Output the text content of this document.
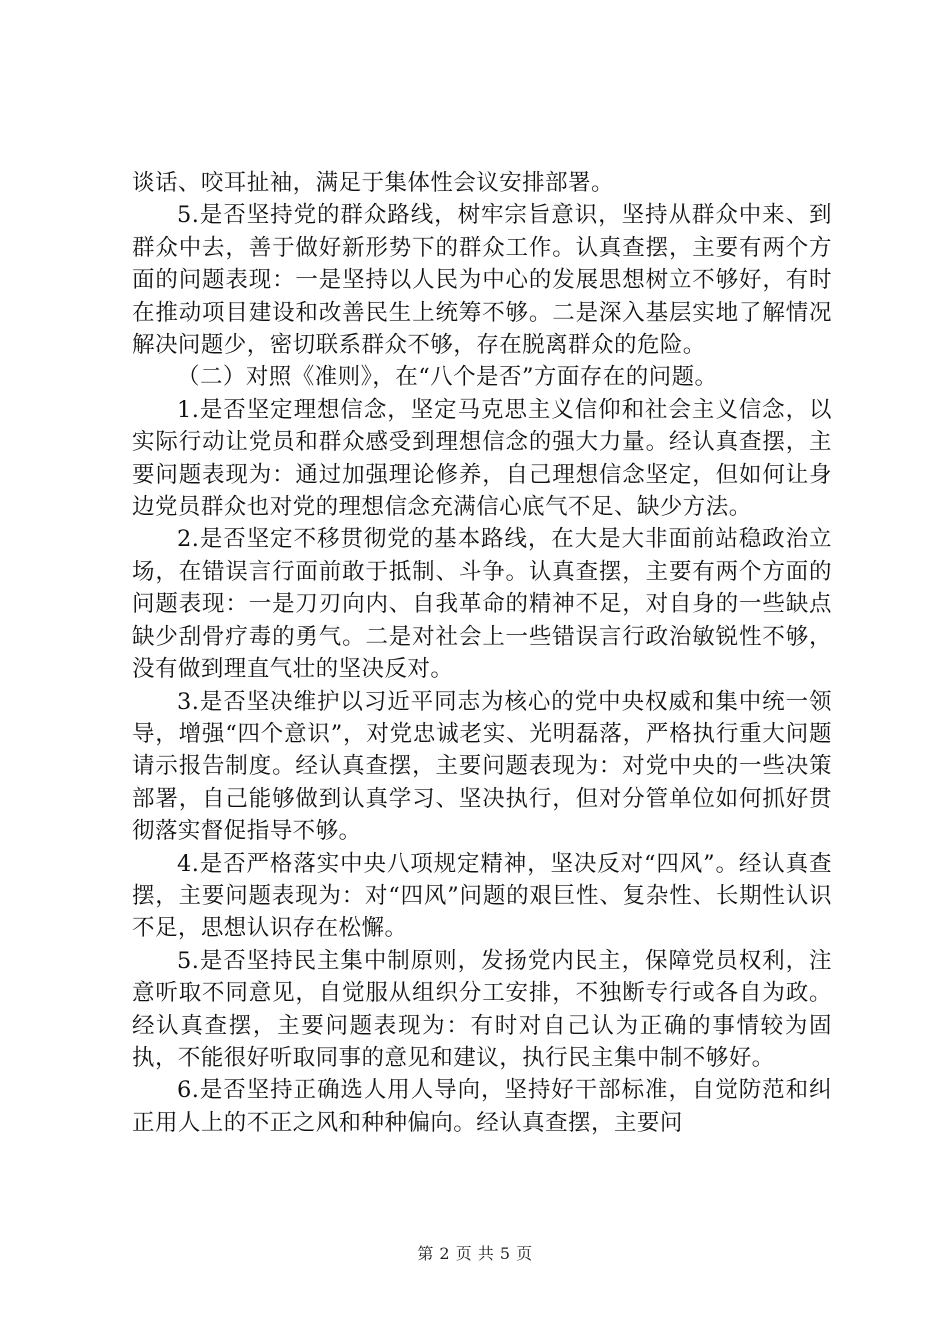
谈话、咬耳扯袖，满足于集体性会议安排部署。

5.是否坚持党的群众路线，树牢宗旨意识，坚持从群众中来、到群众中去，善于做好新形势下的群众工作。认真查摆，主要有两个方面的问题表现：一是坚持以人民为中心的发展思想树立不够好，有时在推动项目建设和改善民生上统筹不够。二是深入基层实地了解情况解决问题少，密切联系群众不够，存在脱离群众的危险。

（二）对照《准则》，在“八个是否”方面存在的问题。

1.是否坚定理想信念，坚定马克思主义信仰和社会主义信念，以实际行动让党员和群众感受到理想信念的强大力量。经认真查摆，主要问题表现为：通过加强理论修养，自己理想信念坚定，但如何让身边党员群众也对党的理想信念充满信心底气不足、缺少方法。

2.是否坚定不移贯彻党的基本路线，在大是大非面前站稳政治立场，在错误言行面前敢于抵制、斗争。认真查摆，主要有两个方面的问题表现：一是刀刃向内、自我革命的精神不足，对自身的一些缺点缺少刮骨疗毒的勇气。二是对社会上一些错误言行政治敏锐性不够，没有做到理直气壮的坚决反对。

3.是否坚决维护以习近平同志为核心的党中央权威和集中统一领导，增强“四个意识”，对党忠诚老实、光明磊落，严格执行重大问题请示报告制度。经认真查摆，主要问题表现为：对党中央的一些决策部署，自己能够做到认真学习、坚决执行，但对分管单位如何抓好贯彻落实督促指导不够。

4.是否严格落实中央八项规定精神，坚决反对“四风”。经认真查摆，主要问题表现为：对“四风”问题的艰巨性、复杂性、长期性认识不足，思想认识存在松懈。

5.是否坚持民主集中制原则，发扬党内民主，保障党员权利，注意听取不同意见，自觉服从组织分工安排，不独断专行或各自为政。经认真查摆，主要问题表现为：有时对自己认为正确的事情较为固执，不能很好听取同事的意见和建议，执行民主集中制不够好。

6.是否坚持正确选人用人导向，坚持好干部标准，自觉防范和纠正用人上的不正之风和种种偏向。经认真查摆，主要问

第 2 页 共 5 页
